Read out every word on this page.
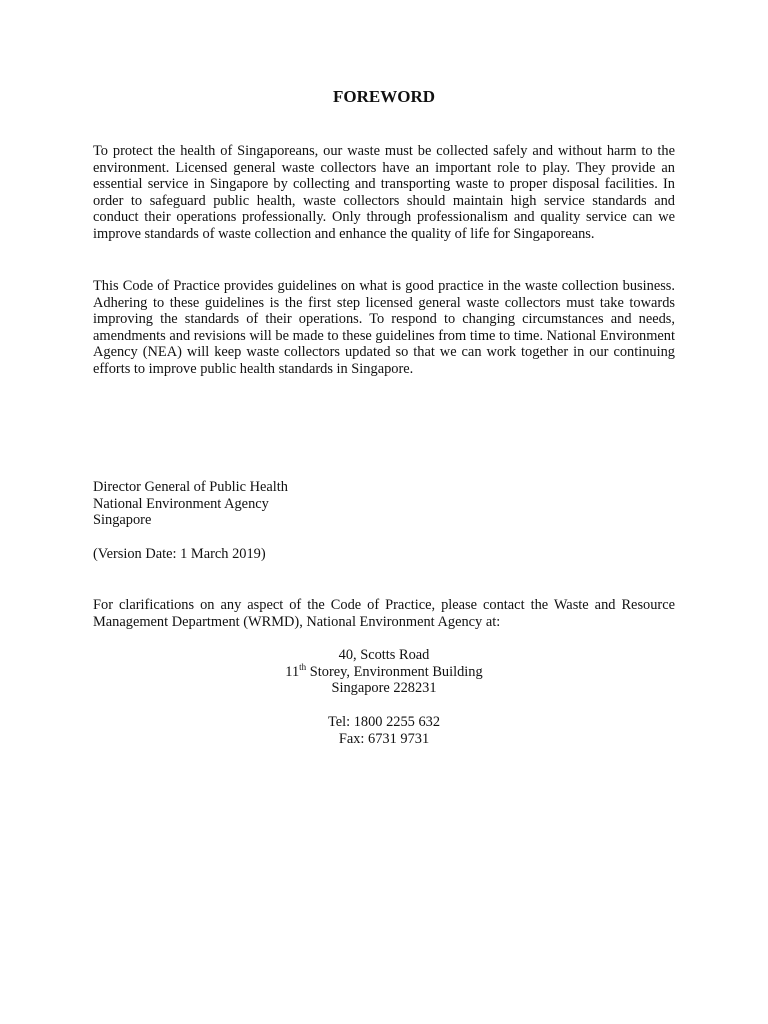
FOREWORD

To protect the health of Singaporeans, our waste must be collected safely and without harm to the environment. Licensed general waste collectors have an important role to play. They provide an essential service in Singapore by collecting and transporting waste to proper disposal facilities. In order to safeguard public health, waste collectors should maintain high service standards and conduct their operations professionally. Only through professionalism and quality service can we improve standards of waste collection and enhance the quality of life for Singaporeans.

This Code of Practice provides guidelines on what is good practice in the waste collection business. Adhering to these guidelines is the first step licensed general waste collectors must take towards improving the standards of their operations. To respond to changing circumstances and needs, amendments and revisions will be made to these guidelines from time to time. National Environment Agency (NEA) will keep waste collectors updated so that we can work together in our continuing efforts to improve public health standards in Singapore.

Director General of Public Health
National Environment Agency
Singapore
(Version Date: 1 March 2019)

For clarifications on any aspect of the Code of Practice, please contact the Waste and Resource Management Department (WRMD), National Environment Agency at:

40, Scotts Road
11th Storey, Environment Building
Singapore 228231
Tel: 1800 2255 632
Fax: 6731 9731
